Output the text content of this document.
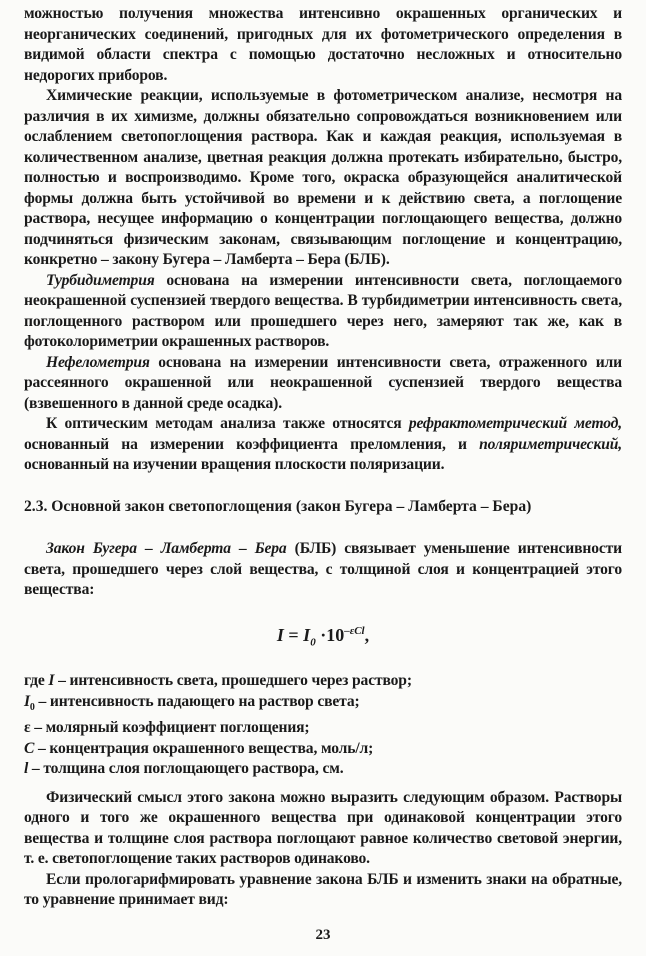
можностью получения множества интенсивно окрашенных органических и неорганических соединений, пригодных для их фотометрического определения в видимой области спектра с помощью достаточно несложных и относительно недорогих приборов.

Химические реакции, используемые в фотометрическом анализе, несмотря на различия в их химизме, должны обязательно сопровождаться возникновением или ослаблением светопоглощения раствора. Как и каждая реакция, используемая в количественном анализе, цветная реакция должна протекать избирательно, быстро, полностью и воспроизводимо. Кроме того, окраска образующейся аналитической формы должна быть устойчивой во времени и к действию света, а поглощение раствора, несущее информацию о концентрации поглощающего вещества, должно подчиняться физическим законам, связывающим поглощение и концентрацию, конкретно – закону Бугера – Ламберта – Бера (БЛБ).

Турбидиметрия основана на измерении интенсивности света, поглощаемого неокрашенной суспензией твердого вещества. В турбидиметрии интенсивность света, поглощенного раствором или прошедшего через него, замеряют так же, как в фотоколориметрии окрашенных растворов.

Нефелометрия основана на измерении интенсивности света, отраженного или рассеянного окрашенной или неокрашенной суспензией твердого вещества (взвешенного в данной среде осадка).

К оптическим методам анализа также относятся рефрактометрический метод, основанный на измерении коэффициента преломления, и поляриметрический, основанный на изучении вращения плоскости поляризации.

2.3. Основной закон светопоглощения (закон Бугера – Ламберта – Бера)

Закон Бугера – Ламберта – Бера (БЛБ) связывает уменьшение интенсивности света, прошедшего через слой вещества, с толщиной слоя и концентрацией этого вещества:

$I = I_0 \cdot 10^{-\varepsilon Сl}$,

где I – интенсивность света, прошедшего через раствор;

$I_0$ – интенсивность падающего на раствор света;

ε – молярный коэффициент поглощения;

C – концентрация окрашенного вещества, моль/л;

l – толщина слоя поглощающего раствора, см.

Физический смысл этого закона можно выразить следующим образом. Растворы одного и того же окрашенного вещества при одинаковой концентрации этого вещества и толщине слоя раствора поглощают равное количество световой энергии, т. е. светопоглощение таких растворов одинаково.

Если прологарифмировать уравнение закона БЛБ и изменить знаки на обратные, то уравнение принимает вид:

23
